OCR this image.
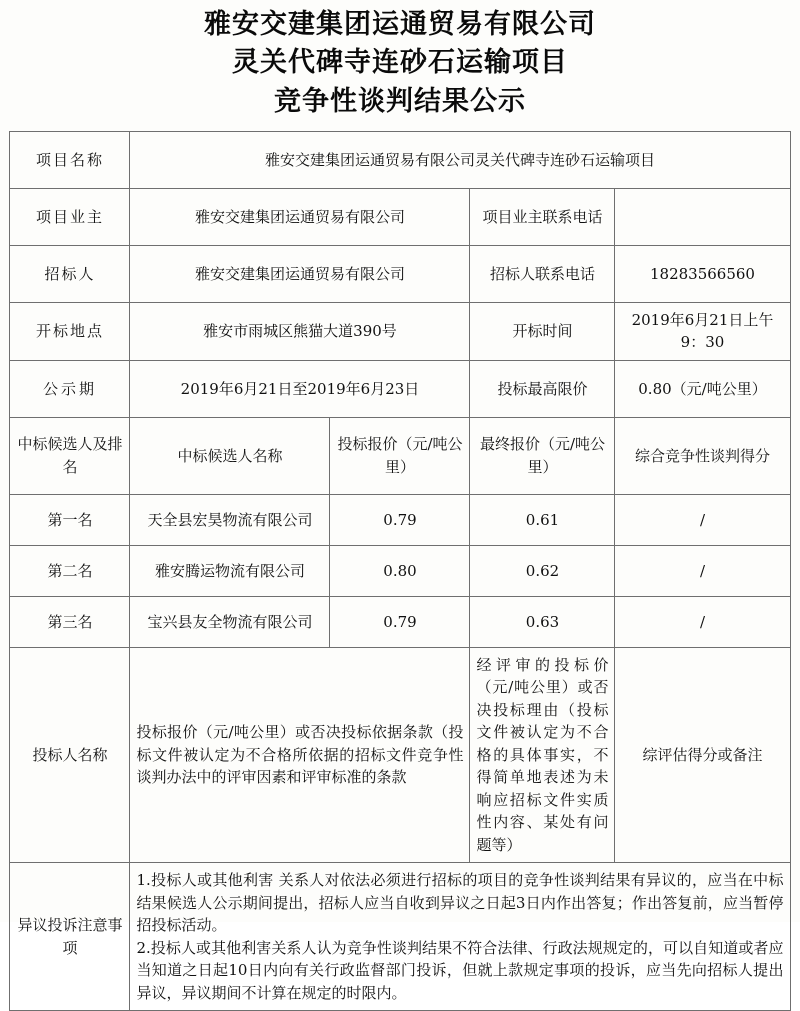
雅安交建集团运通贸易有限公司
灵关代碑寺连砂石运输项目
竞争性谈判结果公示
项目名称	雅安交建集团运通贸易有限公司灵关代碑寺连砂石运输项目			
项目业主	雅安交建集团运通贸易有限公司		项目业主联系电话	
招标人	雅安交建集团运通贸易有限公司		招标人联系电话	18283566560
开标地点	雅安市雨城区熊猫大道390号		开标时间	2019年6月21日上午9：30
公示期	2019年6月21日至2019年6月23日		投标最高限价	0.80（元/吨公里）
中标候选人及排名	中标候选人名称	投标报价（元/吨公里）	最终报价（元/吨公里）	综合竞争性谈判得分
第一名	天全县宏昊物流有限公司	0.79	0.61	/
第二名	雅安腾运物流有限公司	0.80	0.62	/
第三名	宝兴县友全物流有限公司	0.79	0.63	/
投标人名称	投标报价（元/吨公里）或否决投标依据条款（投标文件被认定为不合格所依据的招标文件竞争性谈判办法中的评审因素和评审标准的条款		经评审的投标价（元/吨公里）或否决投标理由（投标文件被认定为不合格的具体事实，不得简单地表述为未响应招标文件实质性内容、某处有问题等）	综评估得分或备注
异议投诉注意事项	1.投标人或其他利害 关系人对依法必须进行招标的项目的竞争性谈判结果有异议的，应当在中标结果候选人公示期间提出，招标人应当自收到异议之日起3日内作出答复；作出答复前，应当暂停招投标活动。
2.投标人或其他利害关系人认为竞争性谈判结果不符合法律、行政法规规定的，可以自知道或者应当知道之日起10日内向有关行政监督部门投诉，但就上款规定事项的投诉，应当先向招标人提出异议，异议期间不计算在规定的时限内。			
